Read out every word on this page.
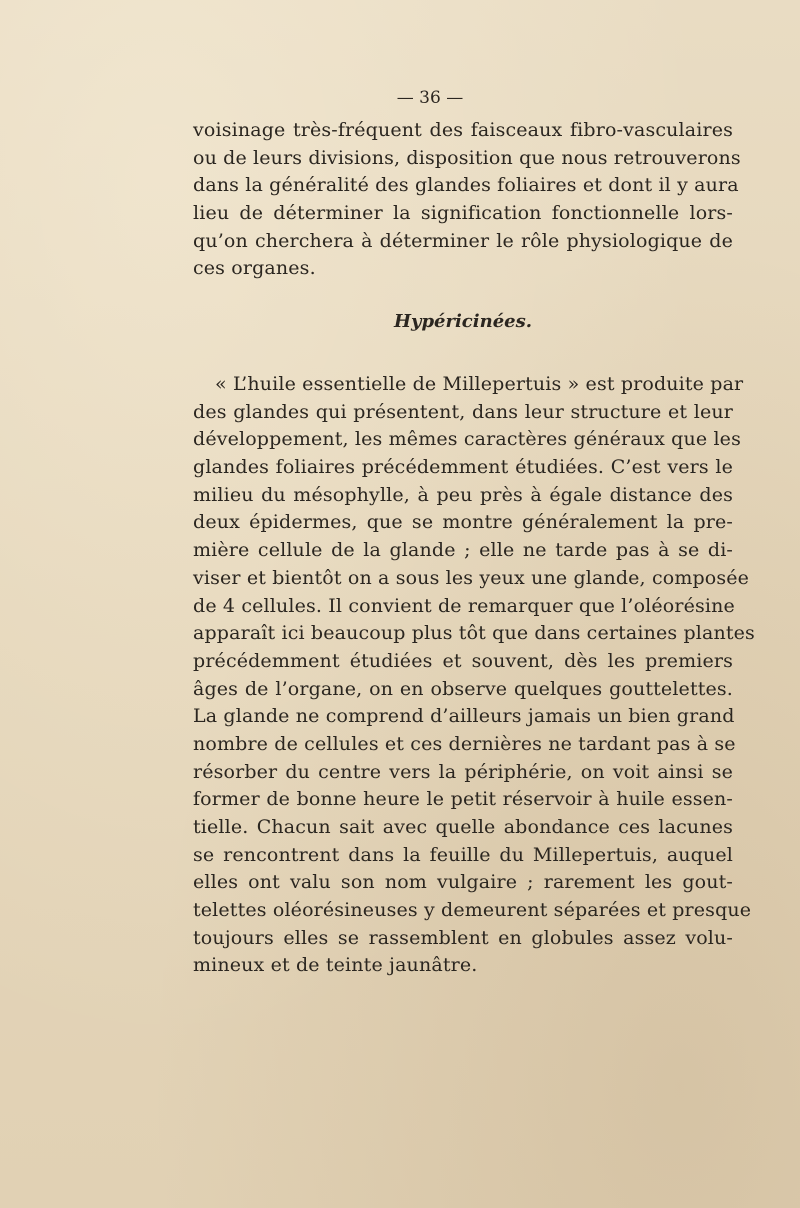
— 36 —
voisinage très-fréquent des faisceaux fibro-vasculaires
ou de leurs divisions, disposition que nous retrouverons
dans la généralité des glandes foliaires et dont il y aura
lieu de déterminer la signification fonctionnelle lors-
qu’on cherchera à déterminer le rôle physiologique de
ces organes.
Hypéricinées.
« L’huile essentielle de Millepertuis » est produite par
des glandes qui présentent, dans leur structure et leur
développement, les mêmes caractères généraux que les
glandes foliaires précédemment étudiées. C’est vers le
milieu du mésophylle, à peu près à égale distance des
deux épidermes, que se montre généralement la pre-
mière cellule de la glande ; elle ne tarde pas à se di-
viser et bientôt on a sous les yeux une glande, composée
de 4 cellules. Il convient de remarquer que l’oléorésine
apparaît ici beaucoup plus tôt que dans certaines plantes
précédemment étudiées et souvent, dès les premiers
âges de l’organe, on en observe quelques gouttelettes.
La glande ne comprend d’ailleurs jamais un bien grand
nombre de cellules et ces dernières ne tardant pas à se
résorber du centre vers la périphérie, on voit ainsi se
former de bonne heure le petit réservoir à huile essen-
tielle. Chacun sait avec quelle abondance ces lacunes
se rencontrent dans la feuille du Millepertuis, auquel
elles ont valu son nom vulgaire ; rarement les gout-
telettes oléorésineuses y demeurent séparées et presque
toujours elles se rassemblent en globules assez volu-
mineux et de teinte jaunâtre.
